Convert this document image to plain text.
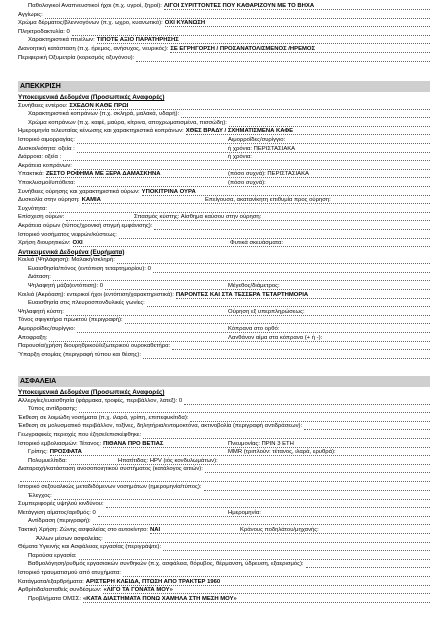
Παθολογικοί Αναπνευστικοί ήχοι (π.χ. υγροί, ξηροί): ΛΙΓΟΙ ΣΥΡΙΤΤΟΝΤΕΣ ΠΟΥ ΚΑΘΑΡΙΖΟΥΝ ΜΕ ΤΟ ΒΗΧΑ
Αγγίωρις:
Χρώμα δέρματος/βλεννογόνων (π.χ. ωχρο, κυανωτικό): ΟΧΙ ΚΥΑΝΩΣΗ
Πληκτροδακτυλία: 0
Χαρακτηριστικά πτυέλων: ΤΙΠΟΤΕ ΑΞΙΟ ΠΑΡΑΤΗΡΗΣΗΣ
Διανοητική κατάσταση (π.χ. ήρεμος, ανήσυχος, νευρικός): ΣΕ ΕΓΡΗΓΟΡΣΗ / ΠΡΟΣΑΝΑΤΟΛΙΣΜΕΝΟΣ /ΗΡΕΜΟΣ
Περιφερική Οξυμετρία (κορεσμός οξυγόνου):
ΑΠΕΚΚΡΙΣΗ
Υποκειμενικά Δεδομένα (Προσωπικές Αναφορές)
Συνήθειες εντέρου: ΣΧΕΔΟΝ ΚΑΘΕ ΠΡΩΙ
Χαρακτηριστικά κοπράνων (π.χ. σκληρά, μαλακά, υδαρή):
Χρώμα κοπράνων (π.χ. καφέ, μαύρα, κίτρινα, αποχρωματισμένα, πισσώδη):
Ημερομηνία τελευταίας κένωσης και χαρακτηριστικά κοπράνων: ΧΘΕΣ ΒΡΑΔΥ / ΣΧΗΜΑΤΙΣΜΕΝΑ ΚΑΦΕ
Ιστορικό αιμορραγίας:	Αιμορροΐδες/συρίγγιο:
Δυσκοιλιότητα: οξεία :	ή χρόνια: ΠΕΡΙΣΤΑΣΙΑΚΑ
Διάρροια: οξεία :	ή χρόνια:
Ακράτεια κοπράνων:
Υπακτικά: ΖΕΣΤΟ ΡΟΦΗΜΑ ΜΕ ΞΕΡΑ ΔΑΜΑΣΚΗΝΑ	(πόσο συχνά): ΠΕΡΙΣΤΑΣΙΑΚΑ
Υποκλυσμοί/υπόθετα:	(πόσο συχνά):
Συνήθειες ούρησης και χαρακτηριστικά ούρων: ΥΠΟΚΙΤΡΙΝΑ ΟΥΡΑ
Δυσκολία στην ούρηση: ΚΑΜΙΑ	Επείγουσα, ακατανίκητη επιθυμία προς ούρηση:
Συχνότητα:
Επίσχεση ούρων:	Σπασμός κύστης: Αίσθημα καύσου στην ούρηση:
Ακράτεια ούρων (τύπος/χρονική στιγμή εμφάνισης):
Ιστορικό νοσήματος νεφρών/κύστεως:
Χρήση διουρητικών: ΟΧΙ	Φυτικά σκευάσματα:
Αντικειμενικά Δεδομένα (Ευρήματα)
Κοιλιά (Ψηλάφηση): Μαλακή/σκληρή:
Ευαισθησία/πόνος (εντόπιση τεταρτημορίου): 0
Διάταση:
Ψηλαφητή μάζα(εντόπιση): 0	Μέγεθος/διάμετρος:
Κοιλιά (Ακρόαση): εντερικοί ήχοι (εντόπιση/χαρακτηριστικά): ΠΑΡΟΝΤΕΣ ΚΑΙ ΣΤΑ ΤΕΣΣΕΡΑ ΤΕΤΑΡΤΗΜΟΡΙΑ
Ευαισθησία στις πλευροσπονδυλικές γωνίες:
Ψηλαφητή κύστη:	Ούρηση εξ υπερπληρώσεως:
Τόνος σφιγκτήρα πρωκτού (περιγραφή):
Αιμορροΐδες/συρίγγιο:	Κόπρανα στο ορθό:
Αποφραξη:	Λανθάνον αίμα στα κόπρανα (+ ή -):
Παρουσία/χρήση διουρηθρικού/εξωτερικού ουροκαθετήρα:
Ύπαρξη στομίας (περιγραφή τύπου και θέσης):
ΑΣΦΑΛΕΙΑ
Υποκειμενικά Δεδομένα (Προσωπικές Αναφορές)
Αλλεργίες/ευαισθησία (φάρμακα, τροφές, περιβάλλον, λατεξ): 0
Τύπος αντίδρασης:
Έκθεση σε λοιμώδη νοσήματα (π.χ. ιλαρά, γρίπη, επιπεφυκίτιδα):
Έκθεση σε μολυσματικό περιβάλλον, τοξίνες, δηλητήρια/εντομοκτόνα, ακτινοβολία (περιγραφή αντιδράσεων):
Γεωγραφικές περιοχές που έζησε/επισκέφθηκε:
Ιστορικό εμβολιασμών: Τέτανος: ΠΙΘΑΝΑ ΠΡΟ ΒΕΤΙΑΣ	Πνευμονίας: ΠΡΙΝ 3 ΕΤΗ
Γρίπης: ΠΡΟΣΦΑΤΑ	MMR (τριπλούν: τέτανος, ιλαρά, ερυθρά):
Πολυμυελίτιδα:	Ηπατίτιδας: HPV (ιός κονδυλωμάτων):
Διαταραχή/κατάσταση ανοσοποιητικού συστήματος (κατάλογος αιτιών):
Ιστορικό σεξουαλικώς μεταδιδόμενων νοσημάτων (ημερομηνία/τύπος):
Έλεγχος:
Συμπεριφορές υψηλού κινδύνου:
Μετάγγιση αίματος/αριθμός: 0	Ημερομηνία:
Αντίδραση (περιγραφή):
Τακτική Χρήση: Ζώνης ασφαλείας στο αυτοκίνητο: ΝΑΙ	Κράνους ποδηλάτου/μηχανής:
Άλλων μέσων ασφαλείας:
Θέματα Υγιεινής και Ασφάλειας εργασίας (περιγράψτε):
Παρούσα εργασία:
Βαθμολόγηση/ρυθμός εργασιακών συνθηκών (π.χ. ασφάλεια, θόρυβος, θέρμανση, ύδρευση, εξαερισμός):
Ιστορικό τραυματισμού από ατυχήματα:
Κατάγματα/εξαρθρήματα: ΑΡΙΣΤΕΡΗ ΚΛΕΙΔΑ, ΠΤΩΣΗ ΑΠΟ ΤΡΑΚΤΕΡ 1960
Αρθρίτιδα/ασταθείς συνδέσμων: «ΛΙΓΟ ΤΑ ΓΟΝΑΤΑ ΜΟΥ»
Προβλήματα ΟΜΣΣ: «ΚΑΤΑ ΔΙΑΣΤΗΜΑΤΑ ΠΟΝΩ ΧΑΜΗΛΑ ΣΤΗ ΜΕΣΗ ΜΟΥ»
